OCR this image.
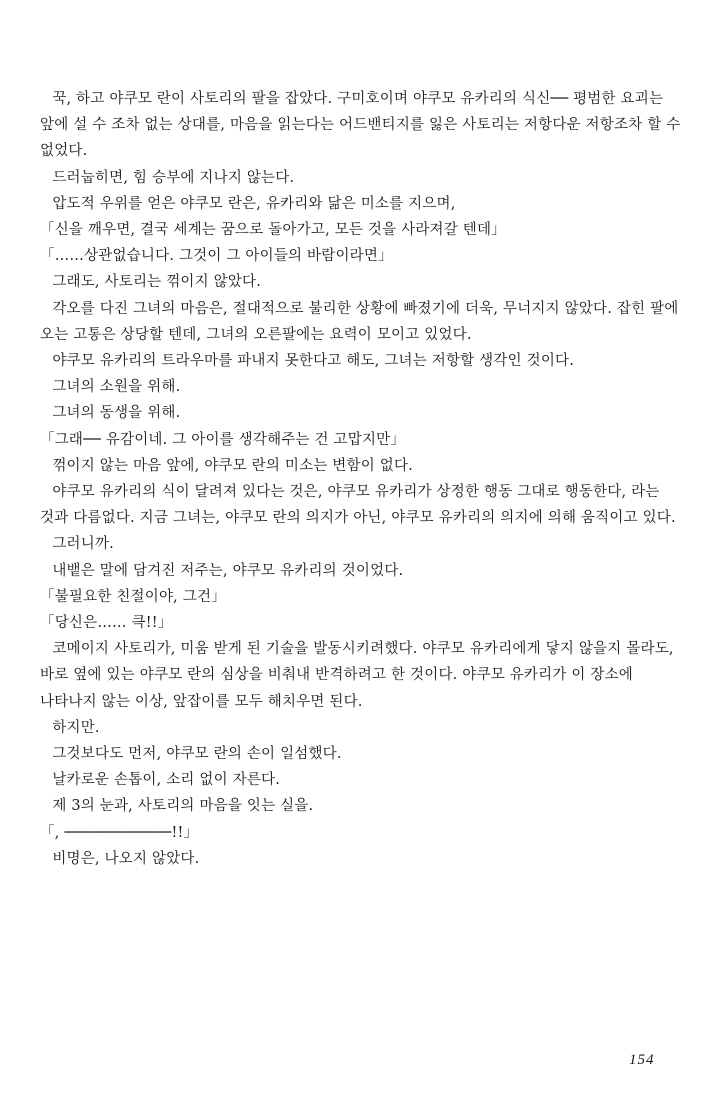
꾹, 하고 야쿠모 란이 사토리의 팔을 잡았다. 구미호이며 야쿠모 유카리의 식신── 평범한 요괴는 앞에 설 수 조차 없는 상대를, 마음을 읽는다는 어드밴티지를 잃은 사토리는 저항다운 저항조차 할 수 없었다.

드러눕히면, 힘 승부에 지나지 않는다.

압도적 우위를 얻은 야쿠모 란은, 유카리와 닮은 미소를 지으며,

「신을 깨우면, 결국 세계는 꿈으로 돌아가고, 모든 것을 사라져갈 텐데」

「……상관없습니다. 그것이 그 아이들의 바람이라면」

그래도, 사토리는 꺾이지 않았다.

각오를 다진 그녀의 마음은, 절대적으로 불리한 상황에 빠졌기에 더욱, 무너지지 않았다. 잡힌 팔에 오는 고통은 상당할 텐데, 그녀의 오른팔에는 요력이 모이고 있었다.

야쿠모 유카리의 트라우마를 파내지 못한다고 해도, 그녀는 저항할 생각인 것이다.

그녀의 소원을 위해.

그녀의 동생을 위해.

「그래── 유감이네. 그 아이를 생각해주는 건 고맙지만」

꺾이지 않는 마음 앞에, 야쿠모 란의 미소는 변함이 없다.

야쿠모 유카리의 식이 달려져 있다는 것은, 야쿠모 유카리가 상정한 행동 그대로 행동한다, 라는 것과 다름없다. 지금 그녀는, 야쿠모 란의 의지가 아닌, 야쿠모 유카리의 의지에 의해 움직이고 있다.

그러니까.

내뱉은 말에 담겨진 저주는, 야쿠모 유카리의 것이었다.

「불필요한 친절이야, 그건」

「당신은…… 큭!!」

코메이지 사토리가, 미움 받게 된 기술을 발동시키려했다. 야쿠모 유카리에게 닿지 않을지 몰라도, 바로 옆에 있는 야쿠모 란의 심상을 비춰내 반격하려고 한 것이다. 야쿠모 유카리가 이 장소에 나타나지 않는 이상, 앞잡이를 모두 해치우면 된다.

하지만.

그것보다도 먼저, 야쿠모 란의 손이 일섬했다.

날카로운 손톱이, 소리 없이 자른다.

제 3의 눈과, 사토리의 마음을 잇는 실을.

「, ────────────!!」

비명은, 나오지 않았다.

154
